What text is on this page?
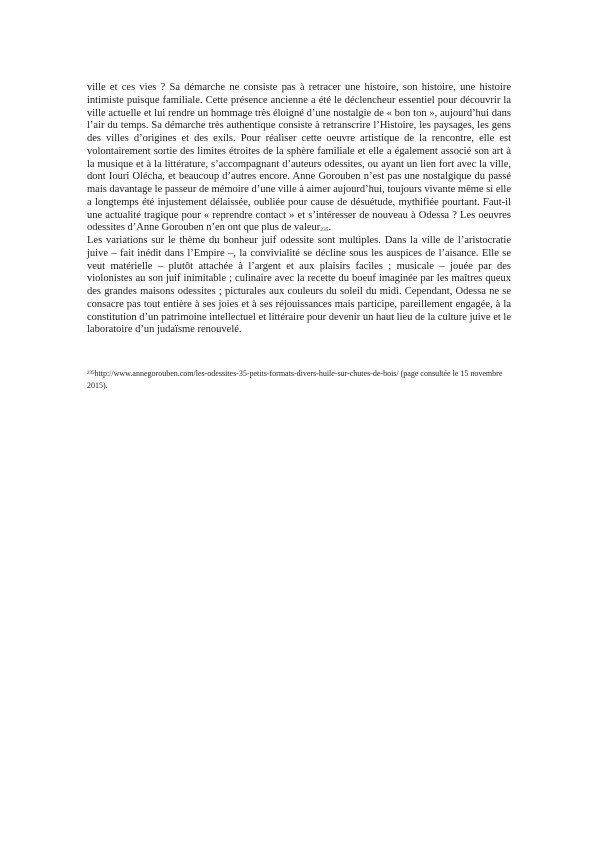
ville et ces vies ? Sa démarche ne consiste pas à retracer une histoire, son histoire, une histoire intimiste puisque familiale. Cette présence ancienne a été le déclencheur essentiel pour découvrir la ville actuelle et lui rendre un hommage très éloigné d’une nostalgie de « bon ton », aujourd’hui dans l’air du temps. Sa démarche très authentique consiste à retranscrire l’Histoire, les paysages, les gens des villes d’origines et des exils. Pour réaliser cette oeuvre artistique de la rencontre, elle est volontairement sortie des limites étroites de la sphère familiale et elle a également associé son art à la musique et à la littérature, s’accompagnant d’auteurs odessites, ou ayant un lien fort avec la ville, dont Iouri Olécha, et beaucoup d’autres encore. Anne Gorouben n’est pas une nostalgique du passé mais davantage le passeur de mémoire d’une ville à aimer aujourd’hui, toujours vivante même si elle a longtemps été injustement délaissée, oubliée pour cause de désuétude, mythifiée pourtant. Faut-il une actualité tragique pour « reprendre contact » et s’intéresser de nouveau à Odessa ? Les oeuvres odessites d’Anne Gorouben n’en ont que plus de valeur$^{235}$.

Les variations sur le thème du bonheur juif odessite sont multiples. Dans la ville de l’aristocratie juive – fait inédit dans l’Empire –, la convivialité se décline sous les auspices de l’aisance. Elle se veut matérielle – plutôt attachée à l’argent et aux plaisirs faciles ; musicale – jouée par des violonistes au son juif inimitable ; culinaire avec la recette du boeuf imaginée par les maîtres queux des grandes maisons odessites ; picturales aux couleurs du soleil du midi. Cependant, Odessa ne se consacre pas tout entière à ses joies et à ses réjouissances mais participe, pareillement engagée, à la constitution d’un patrimoine intellectuel et littéraire pour devenir un haut lieu de la culture juive et le laboratoire d’un judaïsme renouvelé.

$^{235}$http://www.annegorouben.com/les-odessites-35-petits-formats-divers-huile-sur-chutes-de-bois/ (page consultée le 15 novembre 2015).
